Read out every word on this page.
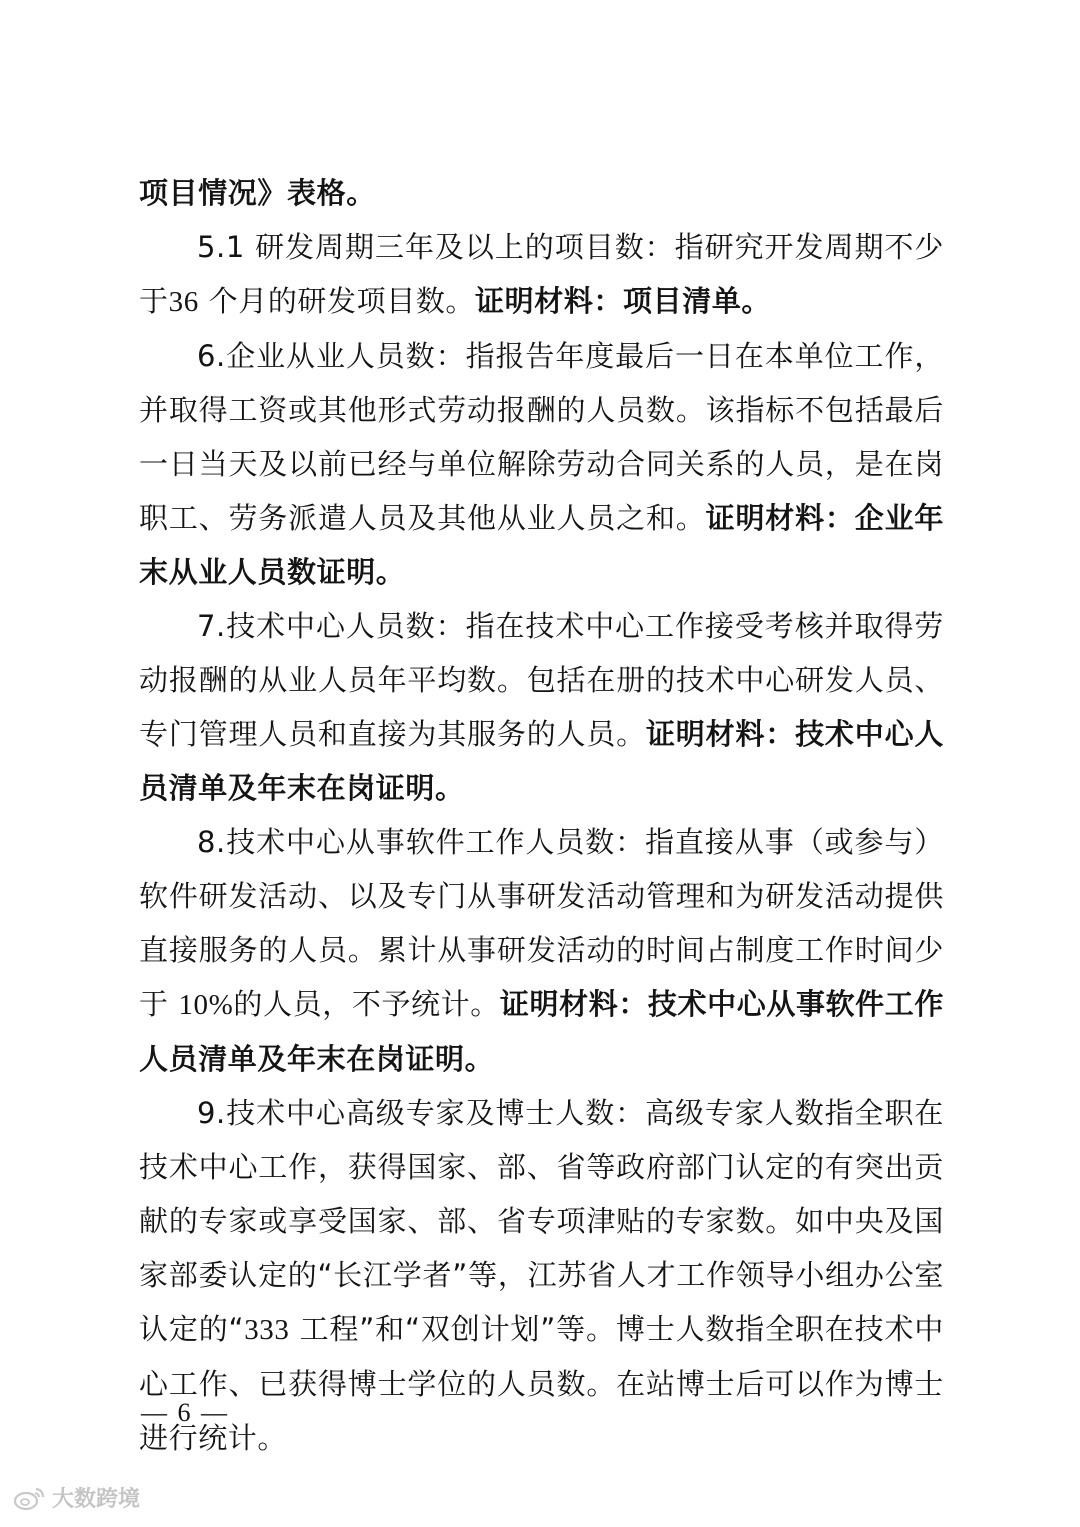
项目情况》表格。

5.1 研发周期三年及以上的项目数：指研究开发周期不少于36 个月的研发项目数。证明材料：项目清单。

6.企业从业人员数：指报告年度最后一日在本单位工作，并取得工资或其他形式劳动报酬的人员数。该指标不包括最后一日当天及以前已经与单位解除劳动合同关系的人员，是在岗职工、劳务派遣人员及其他从业人员之和。证明材料：企业年末从业人员数证明。

7.技术中心人员数：指在技术中心工作接受考核并取得劳动报酬的从业人员年平均数。包括在册的技术中心研发人员、专门管理人员和直接为其服务的人员。证明材料：技术中心人员清单及年末在岗证明。

8.技术中心从事软件工作人员数：指直接从事（或参与）软件研发活动、以及专门从事研发活动管理和为研发活动提供直接服务的人员。累计从事研发活动的时间占制度工作时间少于 10%的人员，不予统计。证明材料：技术中心从事软件工作人员清单及年末在岗证明。

9.技术中心高级专家及博士人数：高级专家人数指全职在技术中心工作，获得国家、部、省等政府部门认定的有突出贡献的专家或享受国家、部、省专项津贴的专家数。如中央及国家部委认定的“长江学者”等，江苏省人才工作领导小组办公室认定的“333 工程”和“双创计划”等。博士人数指全职在技术中心工作、已获得博士学位的人员数。在站博士后可以作为博士进行统计。

— 6 —
大数跨境
